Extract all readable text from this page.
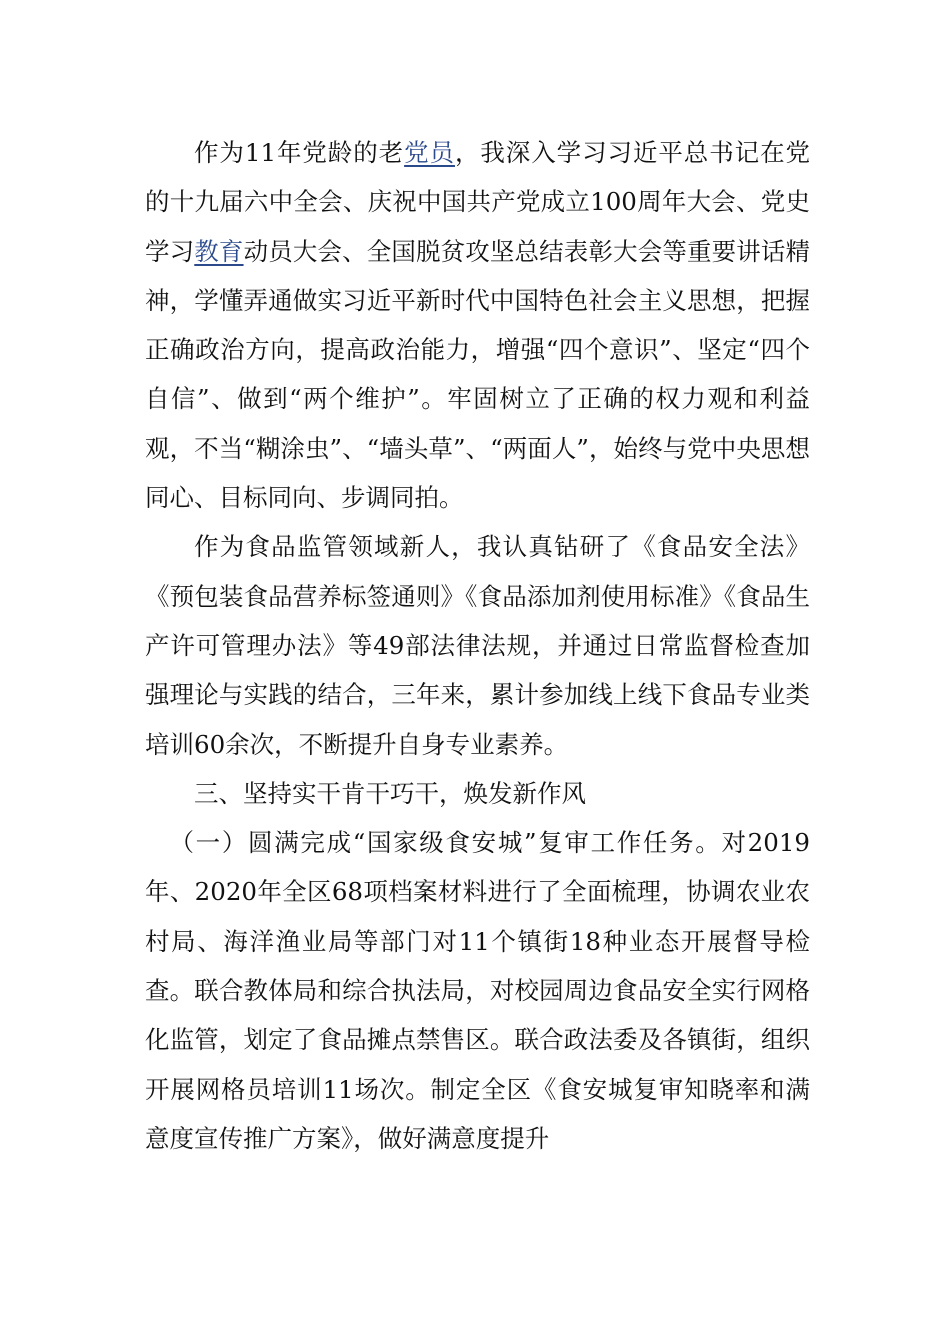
作为11年党龄的老党员，我深入学习习近平总书记在党的十九届六中全会、庆祝中国共产党成立100周年大会、党史学习教育动员大会、全国脱贫攻坚总结表彰大会等重要讲话精神，学懂弄通做实习近平新时代中国特色社会主义思想，把握正确政治方向，提高政治能力，增强“四个意识”、坚定“四个自信”、做到“两个维护”。牢固树立了正确的权力观和利益观，不当“糊涂虫”、“墙头草”、“两面人”，始终与党中央思想同心、目标同向、步调同拍。

作为食品监管领域新人，我认真钻研了《食品安全法》《预包装食品营养标签通则》《食品添加剂使用标准》《食品生产许可管理办法》等49部法律法规，并通过日常监督检查加强理论与实践的结合，三年来，累计参加线上线下食品专业类培训60余次，不断提升自身专业素养。

三、坚持实干肯干巧干，焕发新作风

（一）圆满完成“国家级食安城”复审工作任务。对2019年、2020年全区68项档案材料进行了全面梳理，协调农业农村局、海洋渔业局等部门对11个镇街18种业态开展督导检查。联合教体局和综合执法局，对校园周边食品安全实行网格化监管，划定了食品摊点禁售区。联合政法委及各镇街，组织开展网格员培训11场次。制定全区《食安城复审知晓率和满意度宣传推广方案》，做好满意度提升
